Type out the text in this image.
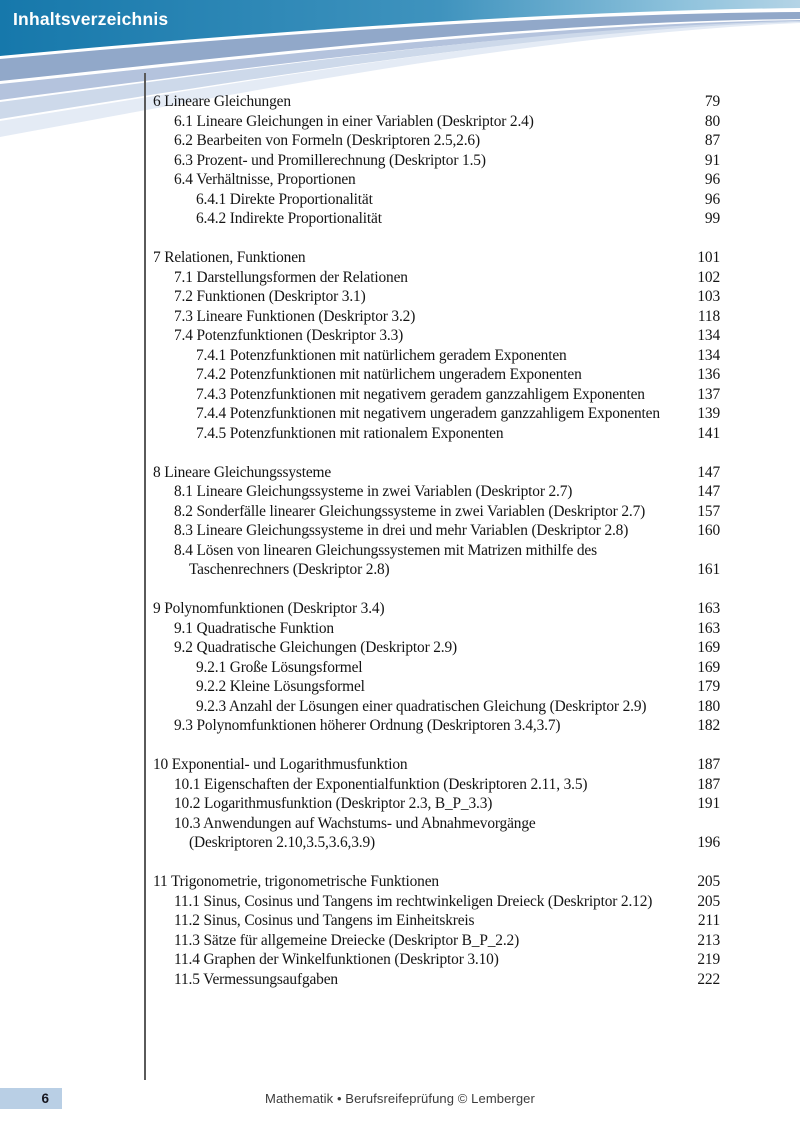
Inhaltsverzeichnis
6 Lineare Gleichungen	79
6.1 Lineare Gleichungen in einer Variablen (Deskriptor 2.4)	80
6.2 Bearbeiten von Formeln (Deskriptoren 2.5,2.6)	87
6.3 Prozent- und Promillerechnung (Deskriptor 1.5)	91
6.4 Verhältnisse, Proportionen	96
6.4.1 Direkte Proportionalität	96
6.4.2 Indirekte Proportionalität	99
7 Relationen, Funktionen	101
7.1 Darstellungsformen der Relationen	102
7.2 Funktionen (Deskriptor 3.1)	103
7.3 Lineare Funktionen (Deskriptor 3.2)	118
7.4 Potenzfunktionen (Deskriptor 3.3)	134
7.4.1 Potenzfunktionen mit natürlichem geradem Exponenten	134
7.4.2 Potenzfunktionen mit natürlichem ungeradem Exponenten	136
7.4.3 Potenzfunktionen mit negativem geradem ganzzahligem Exponenten	137
7.4.4 Potenzfunktionen mit negativem ungeradem ganzzahligem Exponenten	139
7.4.5 Potenzfunktionen mit rationalem Exponenten	141
8 Lineare Gleichungssysteme	147
8.1 Lineare Gleichungssysteme in zwei Variablen (Deskriptor 2.7)	147
8.2 Sonderfälle linearer Gleichungssysteme in zwei Variablen (Deskriptor 2.7)	157
8.3 Lineare Gleichungssysteme in drei und mehr Variablen (Deskriptor 2.8)	160
8.4 Lösen von linearen Gleichungssystemen mit Matrizen mithilfe des
Taschenrechners (Deskriptor 2.8)	161
9 Polynomfunktionen (Deskriptor 3.4)	163
9.1 Quadratische Funktion	163
9.2 Quadratische Gleichungen (Deskriptor 2.9)	169
9.2.1 Große Lösungsformel	169
9.2.2 Kleine Lösungsformel	179
9.2.3 Anzahl der Lösungen einer quadratischen Gleichung (Deskriptor 2.9)	180
9.3 Polynomfunktionen höherer Ordnung (Deskriptoren 3.4,3.7)	182
10 Exponential- und Logarithmusfunktion	187
10.1 Eigenschaften der Exponentialfunktion (Deskriptoren 2.11, 3.5)	187
10.2 Logarithmusfunktion (Deskriptor 2.3, B_P_3.3)	191
10.3 Anwendungen auf Wachstums- und Abnahmevorgänge
(Deskriptoren 2.10,3.5,3.6,3.9)	196
11 Trigonometrie, trigonometrische Funktionen	205
11.1 Sinus, Cosinus und Tangens im rechtwinkeligen Dreieck (Deskriptor 2.12)	205
11.2 Sinus, Cosinus und Tangens im Einheitskreis	211
11.3 Sätze für allgemeine Dreiecke (Deskriptor B_P_2.2)	213
11.4 Graphen der Winkelfunktionen (Deskriptor 3.10)	219
11.5 Vermessungsaufgaben	222
6	Mathematik • Berufsreifeprüfung © Lemberger
